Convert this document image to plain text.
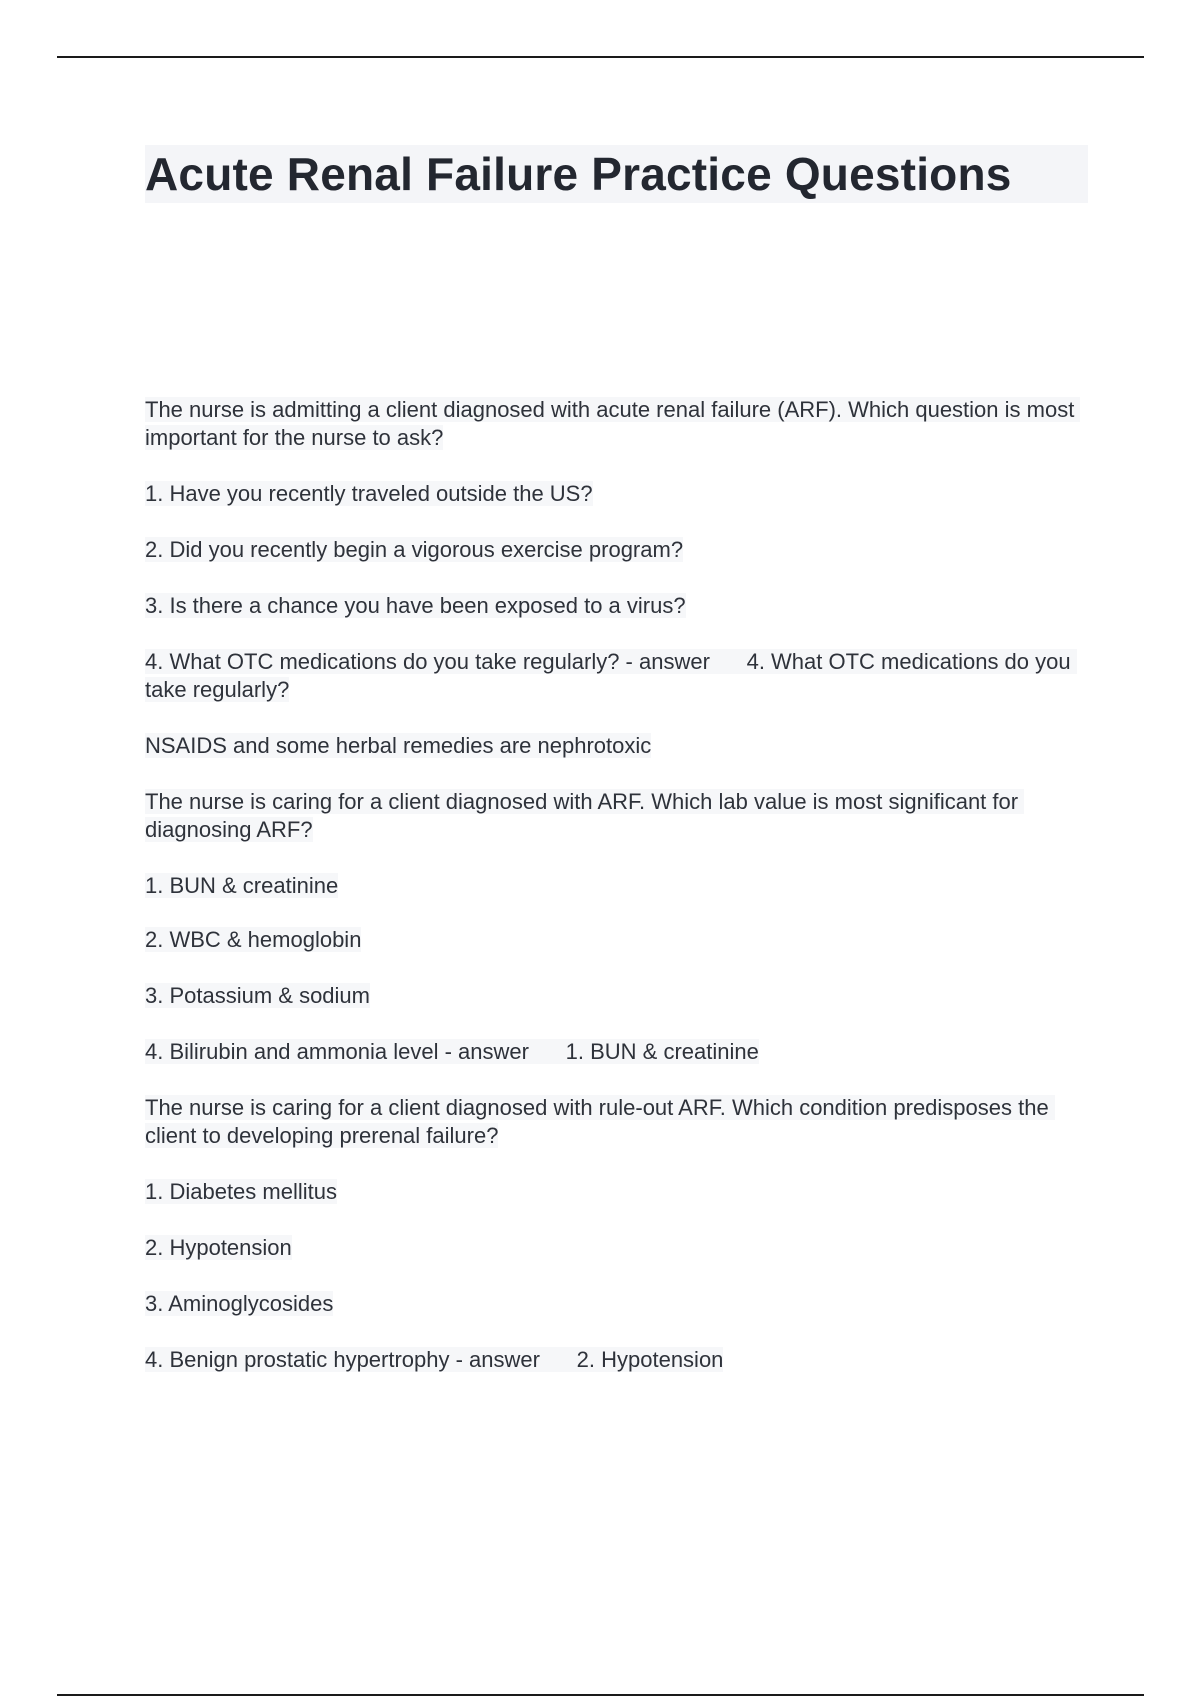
Acute Renal Failure Practice Questions

The nurse is admitting a client diagnosed with acute renal failure (ARF). Which question is most important for the nurse to ask?

1. Have you recently traveled outside the US?

2. Did you recently begin a vigorous exercise program?

3. Is there a chance you have been exposed to a virus?

4. What OTC medications do you take regularly? - answer      4. What OTC medications do you take regularly?

NSAIDS and some herbal remedies are nephrotoxic

The nurse is caring for a client diagnosed with ARF. Which lab value is most significant for diagnosing ARF?

1. BUN & creatinine

2. WBC & hemoglobin

3. Potassium & sodium

4. Bilirubin and ammonia level - answer      1. BUN & creatinine

The nurse is caring for a client diagnosed with rule-out ARF. Which condition predisposes the client to developing prerenal failure?

1. Diabetes mellitus

2. Hypotension

3. Aminoglycosides

4. Benign prostatic hypertrophy - answer      2. Hypotension
